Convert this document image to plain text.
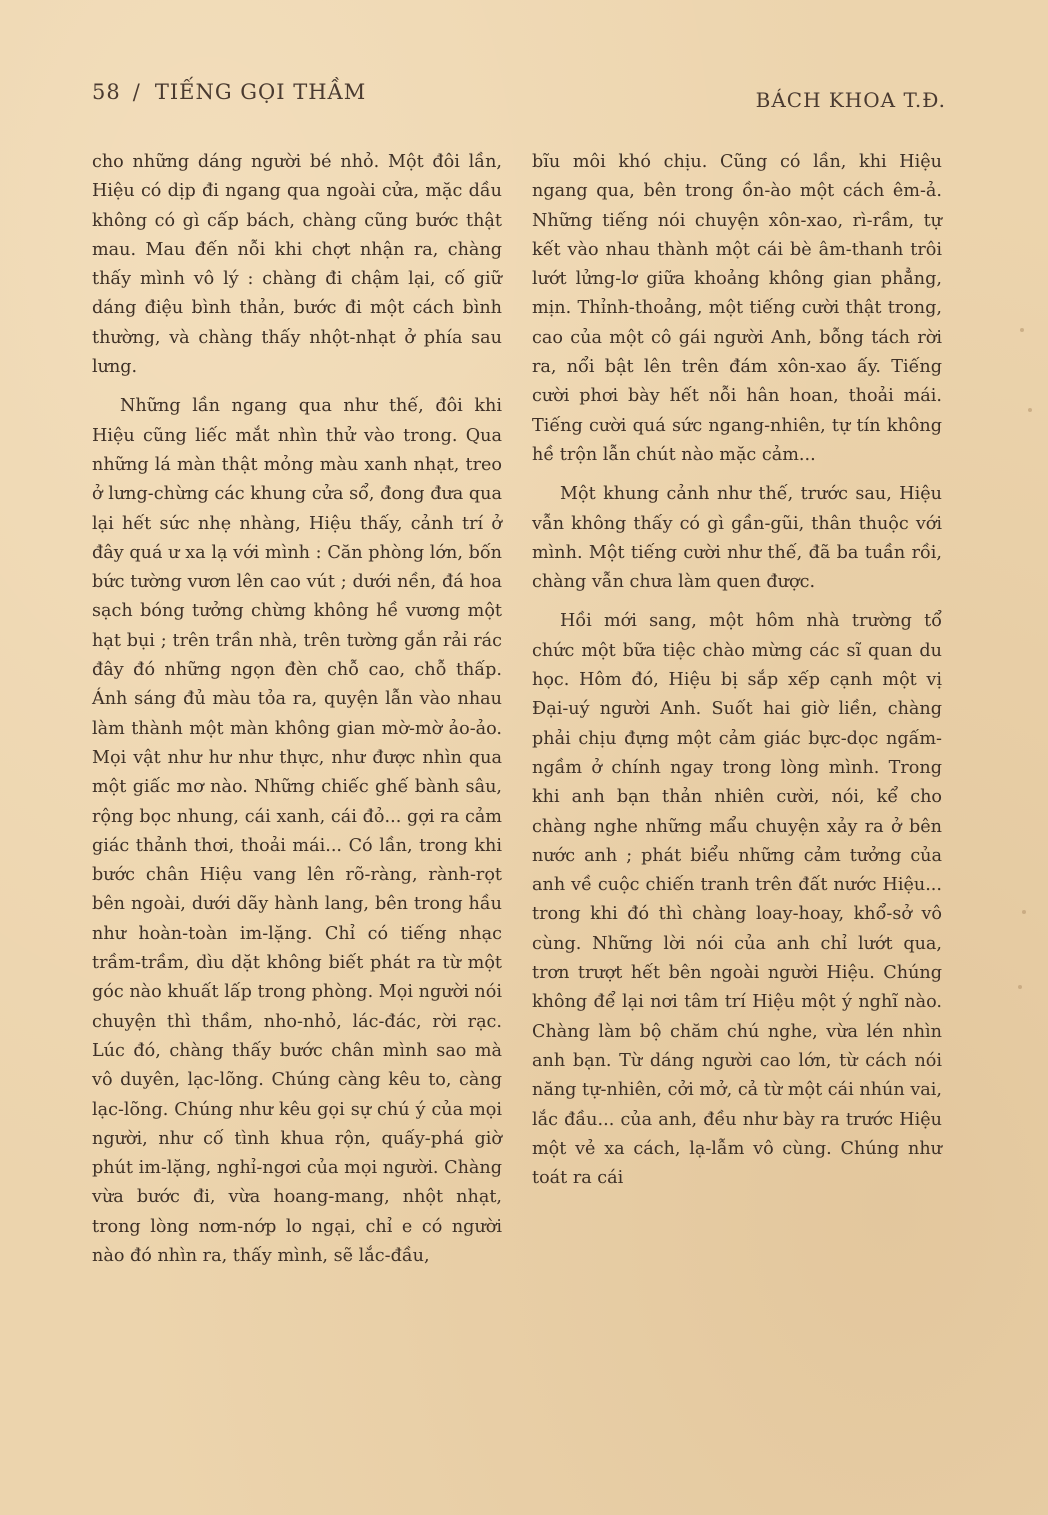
58 / TIẾNG GỌI THẦM	BÁCH KHOA T.Đ.

cho những dáng người bé nhỏ. Một đôi lần, Hiệu có dịp đi ngang qua ngoài cửa, mặc dầu không có gì cấp bách, chàng cũng bước thật mau. Mau đến nỗi khi chợt nhận ra, chàng thấy mình vô lý : chàng đi chậm lại, cố giữ dáng điệu bình thản, bước đi một cách bình thường, và chàng thấy nhột-nhạt ở phía sau lưng.

Những lần ngang qua như thế, đôi khi Hiệu cũng liếc mắt nhìn thử vào trong. Qua những lá màn thật mỏng màu xanh nhạt, treo ở lưng-chừng các khung cửa sổ, đong đưa qua lại hết sức nhẹ nhàng, Hiệu thấy, cảnh trí ở đây quá ư xa lạ với mình : Căn phòng lớn, bốn bức tường vươn lên cao vút ; dưới nền, đá hoa sạch bóng tưởng chừng không hề vương một hạt bụi ; trên trần nhà, trên tường gắn rải rác đây đó những ngọn đèn chỗ cao, chỗ thấp. Ánh sáng đủ màu tỏa ra, quyện lẫn vào nhau làm thành một màn không gian mờ-mờ ảo-ảo. Mọi vật như hư như thực, như được nhìn qua một giấc mơ nào. Những chiếc ghế bành sâu, rộng bọc nhung, cái xanh, cái đỏ... gợi ra cảm giác thảnh thơi, thoải mái... Có lần, trong khi bước chân Hiệu vang lên rõ-ràng, rành-rọt bên ngoài, dưới dãy hành lang, bên trong hầu như hoàn-toàn im-lặng. Chỉ có tiếng nhạc trầm-trầm, dìu dặt không biết phát ra từ một góc nào khuất lấp trong phòng. Mọi người nói chuyện thì thầm, nho-nhỏ, lác-đác, rời rạc. Lúc đó, chàng thấy bước chân mình sao mà vô duyên, lạc-lõng. Chúng càng kêu to, càng lạc-lõng. Chúng như kêu gọi sự chú ý của mọi người, như cố tình khua rộn, quấy-phá giờ phút im-lặng, nghỉ-ngơi của mọi người. Chàng vừa bước đi, vừa hoang-mang, nhột nhạt, trong lòng nơm-nớp lo ngại, chỉ e có người nào đó nhìn ra, thấy mình, sẽ lắc-đầu,

bĩu môi khó chịu. Cũng có lần, khi Hiệu ngang qua, bên trong ồn-ào một cách êm-ả. Những tiếng nói chuyện xôn-xao, rì-rầm, tự kết vào nhau thành một cái bè âm-thanh trôi lướt lửng-lơ giữa khoảng không gian phẳng, mịn. Thỉnh-thoảng, một tiếng cười thật trong, cao của một cô gái người Anh, bỗng tách rời ra, nổi bật lên trên đám xôn-xao ấy. Tiếng cười phơi bày hết nỗi hân hoan, thoải mái. Tiếng cười quá sức ngang-nhiên, tự tín không hề trộn lẫn chút nào mặc cảm...

Một khung cảnh như thế, trước sau, Hiệu vẫn không thấy có gì gần-gũi, thân thuộc với mình. Một tiếng cười như thế, đã ba tuần rồi, chàng vẫn chưa làm quen được.

Hồi mới sang, một hôm nhà trường tổ chức một bữa tiệc chào mừng các sĩ quan du học. Hôm đó, Hiệu bị sắp xếp cạnh một vị Đại-uý người Anh. Suốt hai giờ liền, chàng phải chịu đựng một cảm giác bực-dọc ngấm-ngầm ở chính ngay trong lòng mình. Trong khi anh bạn thản nhiên cười, nói, kể cho chàng nghe những mẩu chuyện xảy ra ở bên nước anh ; phát biểu những cảm tưởng của anh về cuộc chiến tranh trên đất nước Hiệu... trong khi đó thì chàng loay-hoay, khổ-sở vô cùng. Những lời nói của anh chỉ lướt qua, trơn trượt hết bên ngoài người Hiệu. Chúng không để lại nơi tâm trí Hiệu một ý nghĩ nào. Chàng làm bộ chăm chú nghe, vừa lén nhìn anh bạn. Từ dáng người cao lớn, từ cách nói năng tự-nhiên, cởi mở, cả từ một cái nhún vai, lắc đầu... của anh, đều như bày ra trước Hiệu một vẻ xa cách, lạ-lẫm vô cùng. Chúng như toát ra cái
